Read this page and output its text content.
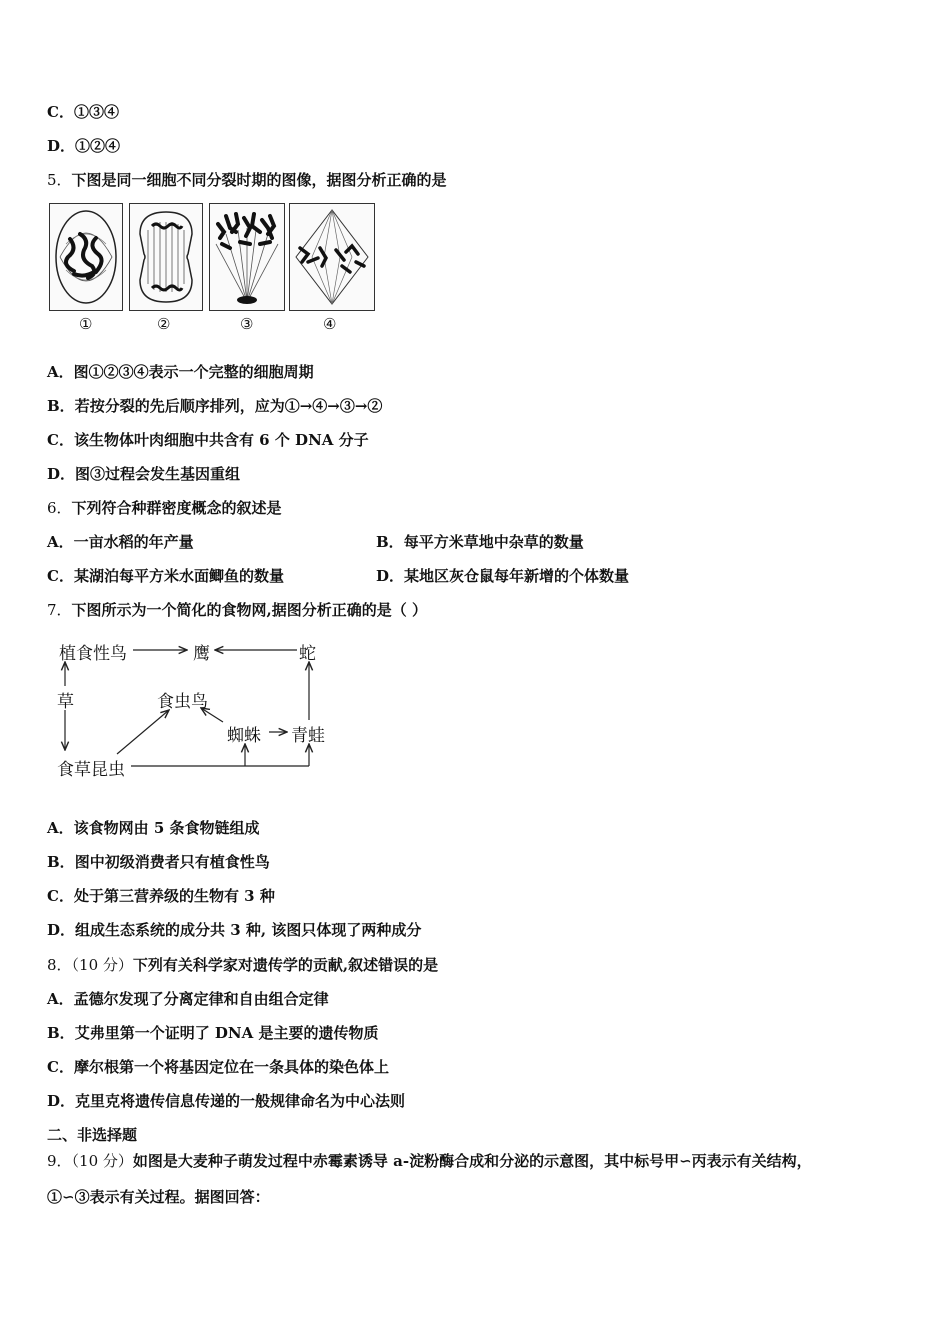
C．①③④
D．①②④
5．下图是同一细胞不同分裂时期的图像，据图分析正确的是
①	②	③	④
A．图①②③④表示一个完整的细胞周期
B．若按分裂的先后顺序排列，应为①→④→③→②
C．该生物体叶肉细胞中共含有 6 个 DNA 分子
D．图③过程会发生基因重组
6．下列符合种群密度概念的叙述是
A．一亩水稻的年产量	B．每平方米草地中杂草的数量
C．某湖泊每平方米水面鲫鱼的数量	D．某地区灰仓鼠每年新增的个体数量
7．下图所示为一个简化的食物网,据图分析正确的是（ ）
植食性鸟	鹰	蛇
草	食虫鸟
蜘蛛 青蛙
食草昆虫
A．该食物网由 5 条食物链组成
B．图中初级消费者只有植食性鸟
C．处于第三营养级的生物有 3 种
D．组成生态系统的成分共 3 种, 该图只体现了两种成分
8．（10 分）下列有关科学家对遗传学的贡献,叙述错误的是
A．孟德尔发现了分离定律和自由组合定律
B．艾弗里第一个证明了 DNA 是主要的遗传物质
C．摩尔根第一个将基因定位在一条具体的染色体上
D．克里克将遗传信息传递的一般规律命名为中心法则
二、非选择题
9．（10 分）如图是大麦种子萌发过程中赤霉素诱导 a-淀粉酶合成和分泌的示意图，其中标号甲∽丙表示有关结构，
①∽③表示有关过程。据图回答：
